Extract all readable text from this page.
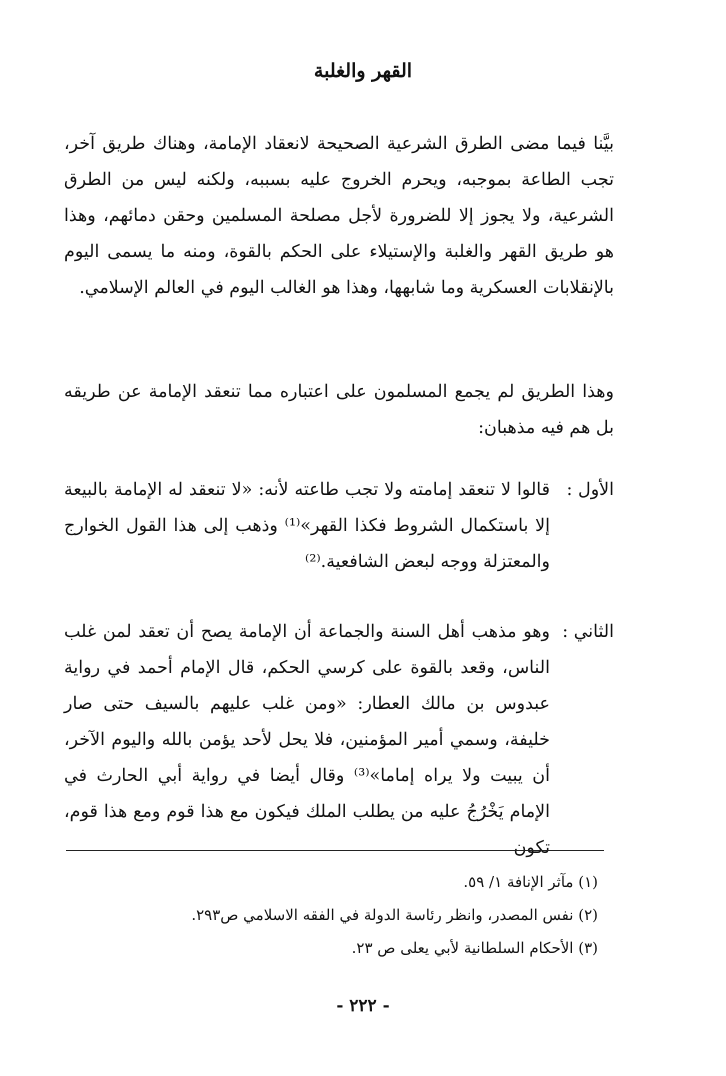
القهر والغلبة
بيَّنا فيما مضى الطرق الشرعية الصحيحة لانعقاد الإمامة، وهناك طريق آخر، تجب الطاعة بموجبه، ويحرم الخروج عليه بسببه، ولكنه ليس من الطرق الشرعية، ولا يجوز إلا للضرورة لأجل مصلحة المسلمين وحقن دمائهم، وهذا هو طريق القهر والغلبة والإستيلاء على الحكم بالقوة، ومنه ما يسمى اليوم بالإنقلابات العسكرية وما شابهها، وهذا هو الغالب اليوم في العالم الإسلامي.
وهذا الطريق لم يجمع المسلمون على اعتباره مما تنعقد الإمامة عن طريقه بل هم فيه مذهبان:
الأول :
قالوا لا تنعقد إمامته ولا تجب طاعته لأنه: «لا تنعقد له الإمامة بالبيعة إلا باستكمال الشروط فكذا القهر»⁽¹⁾ وذهب إلى هذا القول الخوارج والمعتزلة ووجه لبعض الشافعية.⁽²⁾
الثاني :
وهو مذهب أهل السنة والجماعة أن الإمامة يصح أن تعقد لمن غلب الناس، وقعد بالقوة على كرسي الحكم، قال الإمام أحمد في رواية عبدوس بن مالك العطار: «ومن غلب عليهم بالسيف حتى صار خليفة، وسمي أمير المؤمنين، فلا يحل لأحد يؤمن بالله واليوم الآخر، أن يبيت ولا يراه إماما»⁽³⁾ وقال أيضا في رواية أبي الحارث في الإمام يَخْرُجُ عليه من يطلب الملك فيكون مع هذا قوم ومع هذا قوم، تكون
(١) مآثر الإنافة ١/ ٥٩.
(٢) نفس المصدر، وانظر رئاسة الدولة في الفقه الاسلامي ص٢٩٣.
(٣) الأحكام السلطانية لأبي يعلى ص ٢٣.
- ٢٢٢ -
